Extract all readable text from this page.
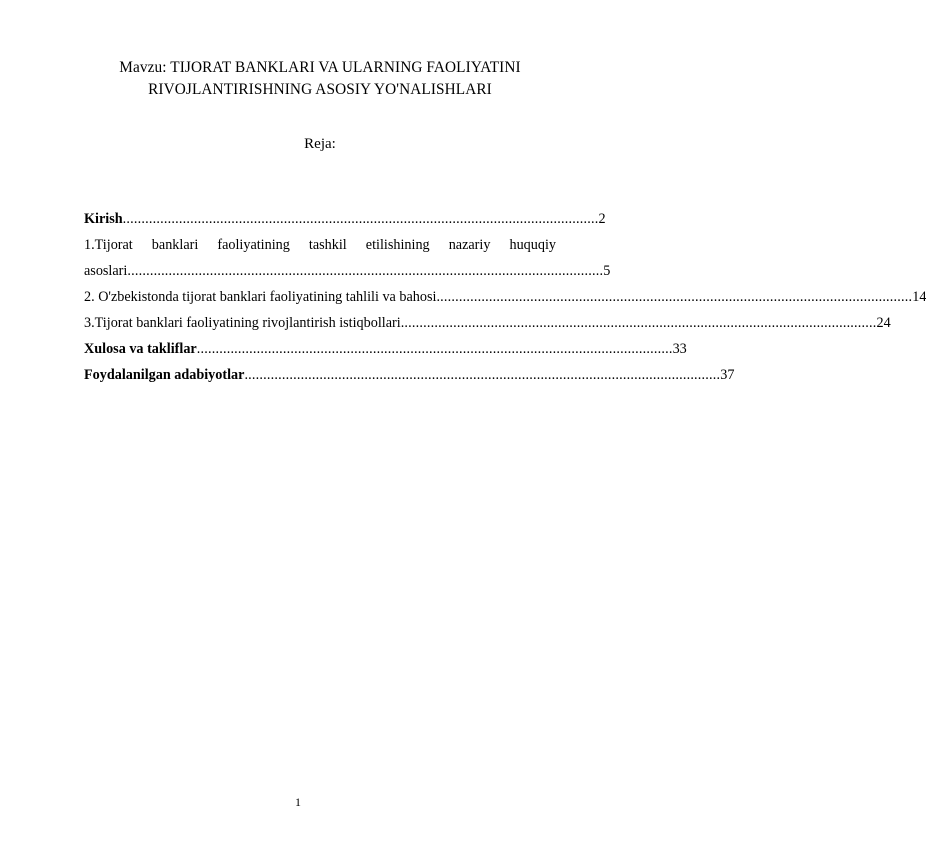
Mavzu: TIJORAT BANKLARI VA ULARNING FAOLIYATINI
RIVOJLANTIRISHNING ASOSIY YO'NALISHLARI
Reja:
Kirish ............................................................................................................................... 2
1.Tijorat banklari faoliyatining tashkil etilishining nazariy huquqiy
asoslari ............................................................................................................................... 5
2. O'zbekistonda tijorat banklari faoliyatining tahlili va bahosi ............................................................................................................................... 14
3.Tijorat banklari faoliyatining rivojlantirish istiqbollari ............................................................................................................................... 24
Xulosa va takliflar ............................................................................................................................... 33
Foydalanilgan adabiyotlar ............................................................................................................................... 37
1
